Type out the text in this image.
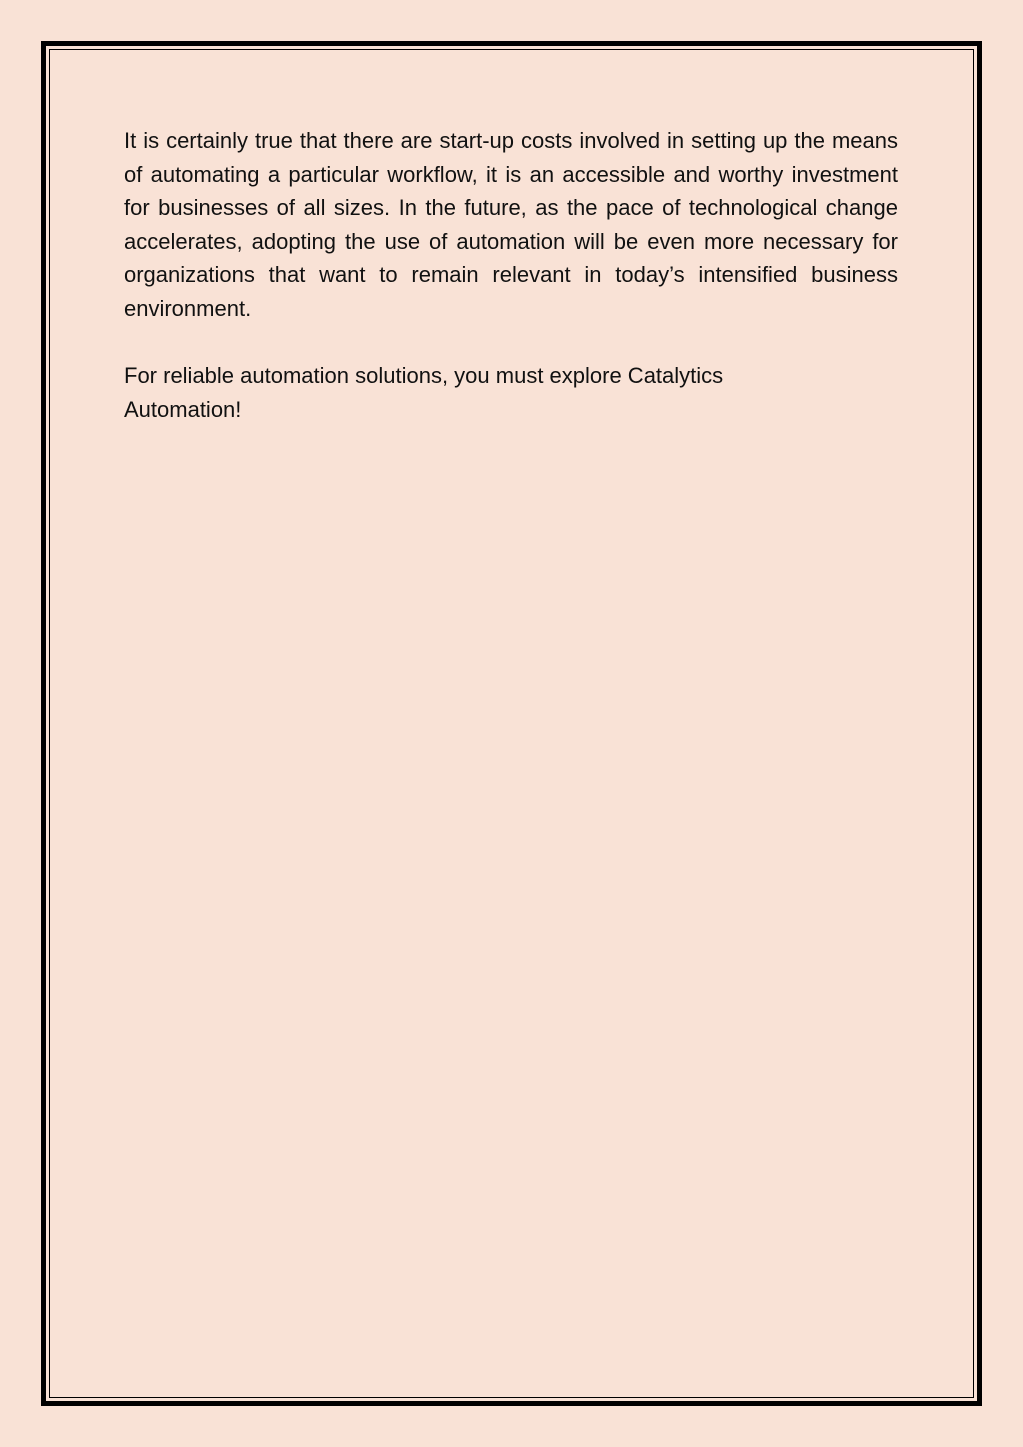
It is certainly true that there are start-up costs involved in setting up the means of automating a particular workflow, it is an accessible and worthy investment for businesses of all sizes. In the future, as the pace of technological change accelerates, adopting the use of automation will be even more necessary for organizations that want to remain relevant in today’s intensified business environment.

For reliable automation solutions, you must explore Catalytics Automation!
